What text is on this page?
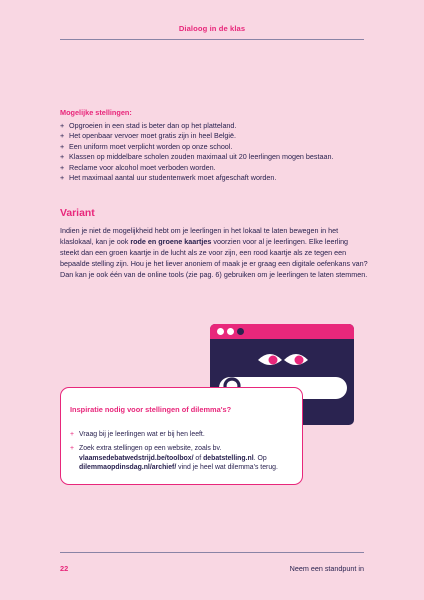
Dialoog in de klas
Mogelijke stellingen:
+ Opgroeien in een stad is beter dan op het platteland.
+ Het openbaar vervoer moet gratis zijn in heel België.
+ Een uniform moet verplicht worden op onze school.
+ Klassen op middelbare scholen zouden maximaal uit 20 leerlingen mogen bestaan.
+ Reclame voor alcohol moet verboden worden.
+ Het maximaal aantal uur studentenwerk moet afgeschaft worden.
Variant
Indien je niet de mogelijkheid hebt om je leerlingen in het lokaal te laten bewegen in het klaslokaal, kan je ook rode en groene kaartjes voorzien voor al je leerlingen. Elke leerling steekt dan een groen kaartje in de lucht als ze voor zijn, een rood kaartje als ze tegen een bepaalde stelling zijn. Hou je het liever anoniem of maak je er graag een digitale oefenkans van? Dan kan je ook één van de online tools (zie pag. 6) gebruiken om je leerlingen te laten stemmen.
Inspiratie nodig voor stellingen of dilemma's?
+ Vraag bij je leerlingen wat er bij hen leeft.
+ Zoek extra stellingen op een website, zoals bv.
vlaamsedebatwedstrijd.be/toolbox/ of debatstelling.nl. Op
dilemmaopdinsdag.nl/archief/ vind je heel wat dilemma's terug.
22	Neem een standpunt in
